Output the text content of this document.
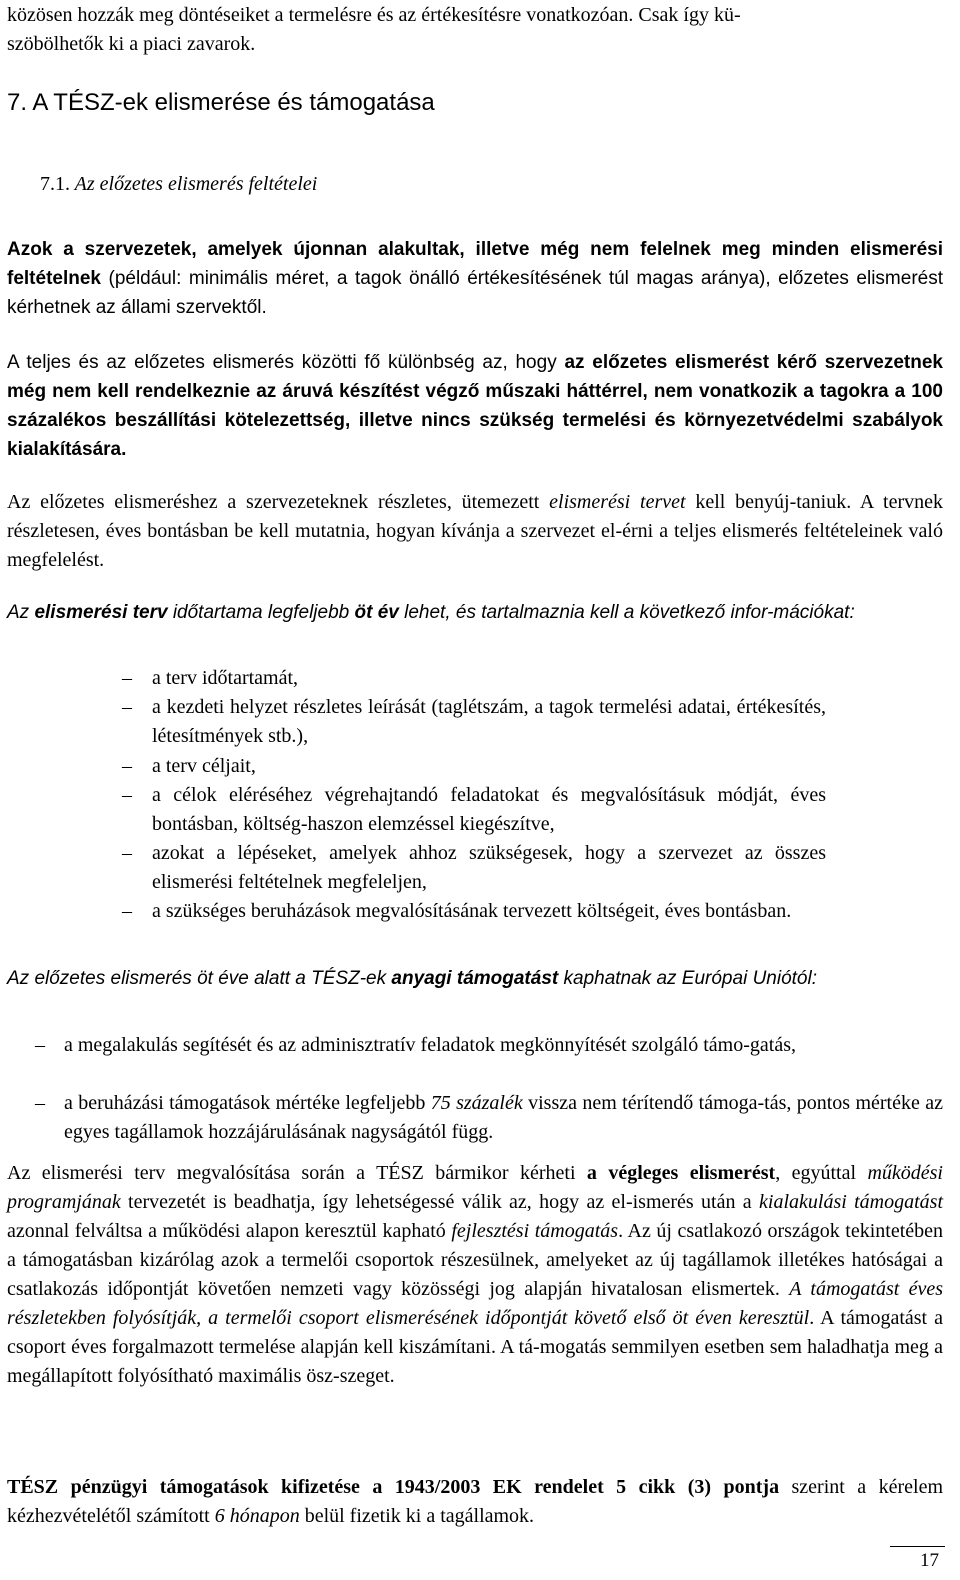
közösen hozzák meg döntéseiket a termelésre és az értékesítésre vonatkozóan. Csak így kü-
szöbölhetők ki a piaci zavarok.

7. A TÉSZ-ek elismerése és támogatása
7.1. Az előzetes elismerés feltételei

Azok a szervezetek, amelyek újonnan alakultak, illetve még nem felelnek meg minden elismerési feltételnek (például: minimális méret, a tagok önálló értékesítésének túl magas aránya), előzetes elismerést kérhetnek az állami szervektől.

A teljes és az előzetes elismerés közötti fő különbség az, hogy az előzetes elismerést kérő szervezetnek még nem kell rendelkeznie az áruvá készítést végző műszaki háttérrel, nem vonatkozik a tagokra a 100 százalékos beszállítási kötelezettség, illetve nincs szükség termelési és környezetvédelmi szabályok kialakítására.

Az előzetes elismeréshez a szervezeteknek részletes, ütemezett elismerési tervet kell benyúj-taniuk. A tervnek részletesen, éves bontásban be kell mutatnia, hogyan kívánja a szervezet el-érni a teljes elismerés feltételeinek való megfelelést.

Az elismerési terv időtartama legfeljebb öt év lehet, és tartalmaznia kell a következő infor-mációkat:

– a terv időtartamát,
– a kezdeti helyzet részletes leírását (taglétszám, a tagok termelési adatai, értékesítés, létesítmények stb.),
– a terv céljait,
– a célok eléréséhez végrehajtandó feladatokat és megvalósításuk módját, éves bontásban, költség-haszon elemzéssel kiegészítve,
– azokat a lépéseket, amelyek ahhoz szükségesek, hogy a szervezet az összes elismerési feltételnek megfeleljen,
– a szükséges beruházások megvalósításának tervezett költségeit, éves bontásban.

Az előzetes elismerés öt éve alatt a TÉSZ-ek anyagi támogatást kaphatnak az Európai Uniótól:

– a megalakulás segítését és az adminisztratív feladatok megkönnyítését szolgáló támo-gatás,
– a beruházási támogatások mértéke legfeljebb 75 százalék vissza nem térítendő támoga-tás, pontos mértéke az egyes tagállamok hozzájárulásának nagyságától függ.

Az elismerési terv megvalósítása során a TÉSZ bármikor kérheti a végleges elismerést, egyúttal működési programjának tervezetét is beadhatja, így lehetségessé válik az, hogy az el-ismerés után a kialakulási támogatást azonnal felváltsa a működési alapon keresztül kapható fejlesztési támogatás. Az új csatlakozó országok tekintetében a támogatásban kizárólag azok a termelői csoportok részesülnek, amelyeket az új tagállamok illetékes hatóságai a csatlakozás időpontját követően nemzeti vagy közösségi jog alapján hivatalosan elismertek. A támogatást éves részletekben folyósítják, a termelői csoport elismerésének időpontját követő első öt éven keresztül. A támogatást a csoport éves forgalmazott termelése alapján kell kiszámítani. A tá-mogatás semmilyen esetben sem haladhatja meg a megállapított folyósítható maximális ösz-szeget.

TÉSZ pénzügyi támogatások kifizetése a 1943/2003 EK rendelet 5 cikk (3) pontja szerint a kérelem kézhezvételétől számított 6 hónapon belül fizetik ki a tagállamok.

17
